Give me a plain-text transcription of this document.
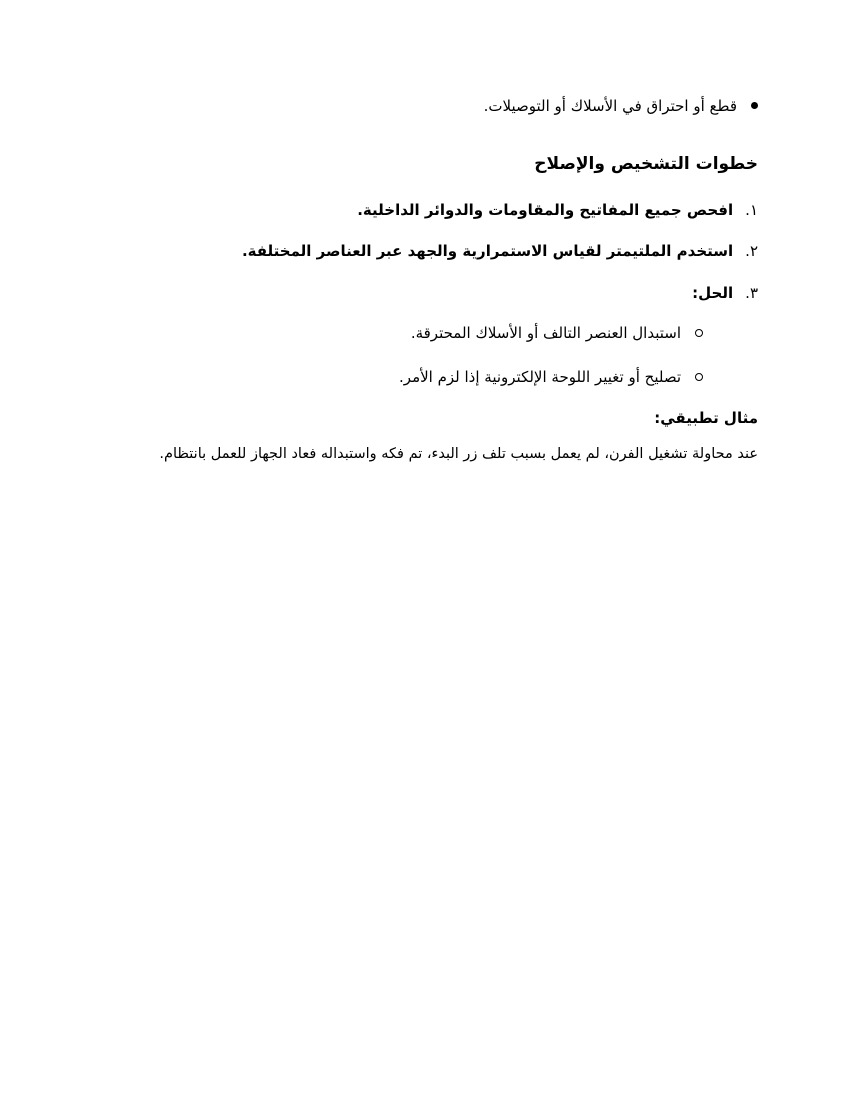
قطع أو احتراق في الأسلاك أو التوصيلات.
خطوات التشخيص والإصلاح
١.افحص جميع المفاتيح والمقاومات والدوائر الداخلية.
٢.استخدم الملتيمتر لقياس الاستمرارية والجهد عبر العناصر المختلفة.
٣.الحل:
استبدال العنصر التالف أو الأسلاك المحترقة.
تصليح أو تغيير اللوحة الإلكترونية إذا لزم الأمر.
مثال تطبيقي:
عند محاولة تشغيل الفرن، لم يعمل بسبب تلف زر البدء، تم فكه واستبداله فعاد الجهاز للعمل بانتظام.
